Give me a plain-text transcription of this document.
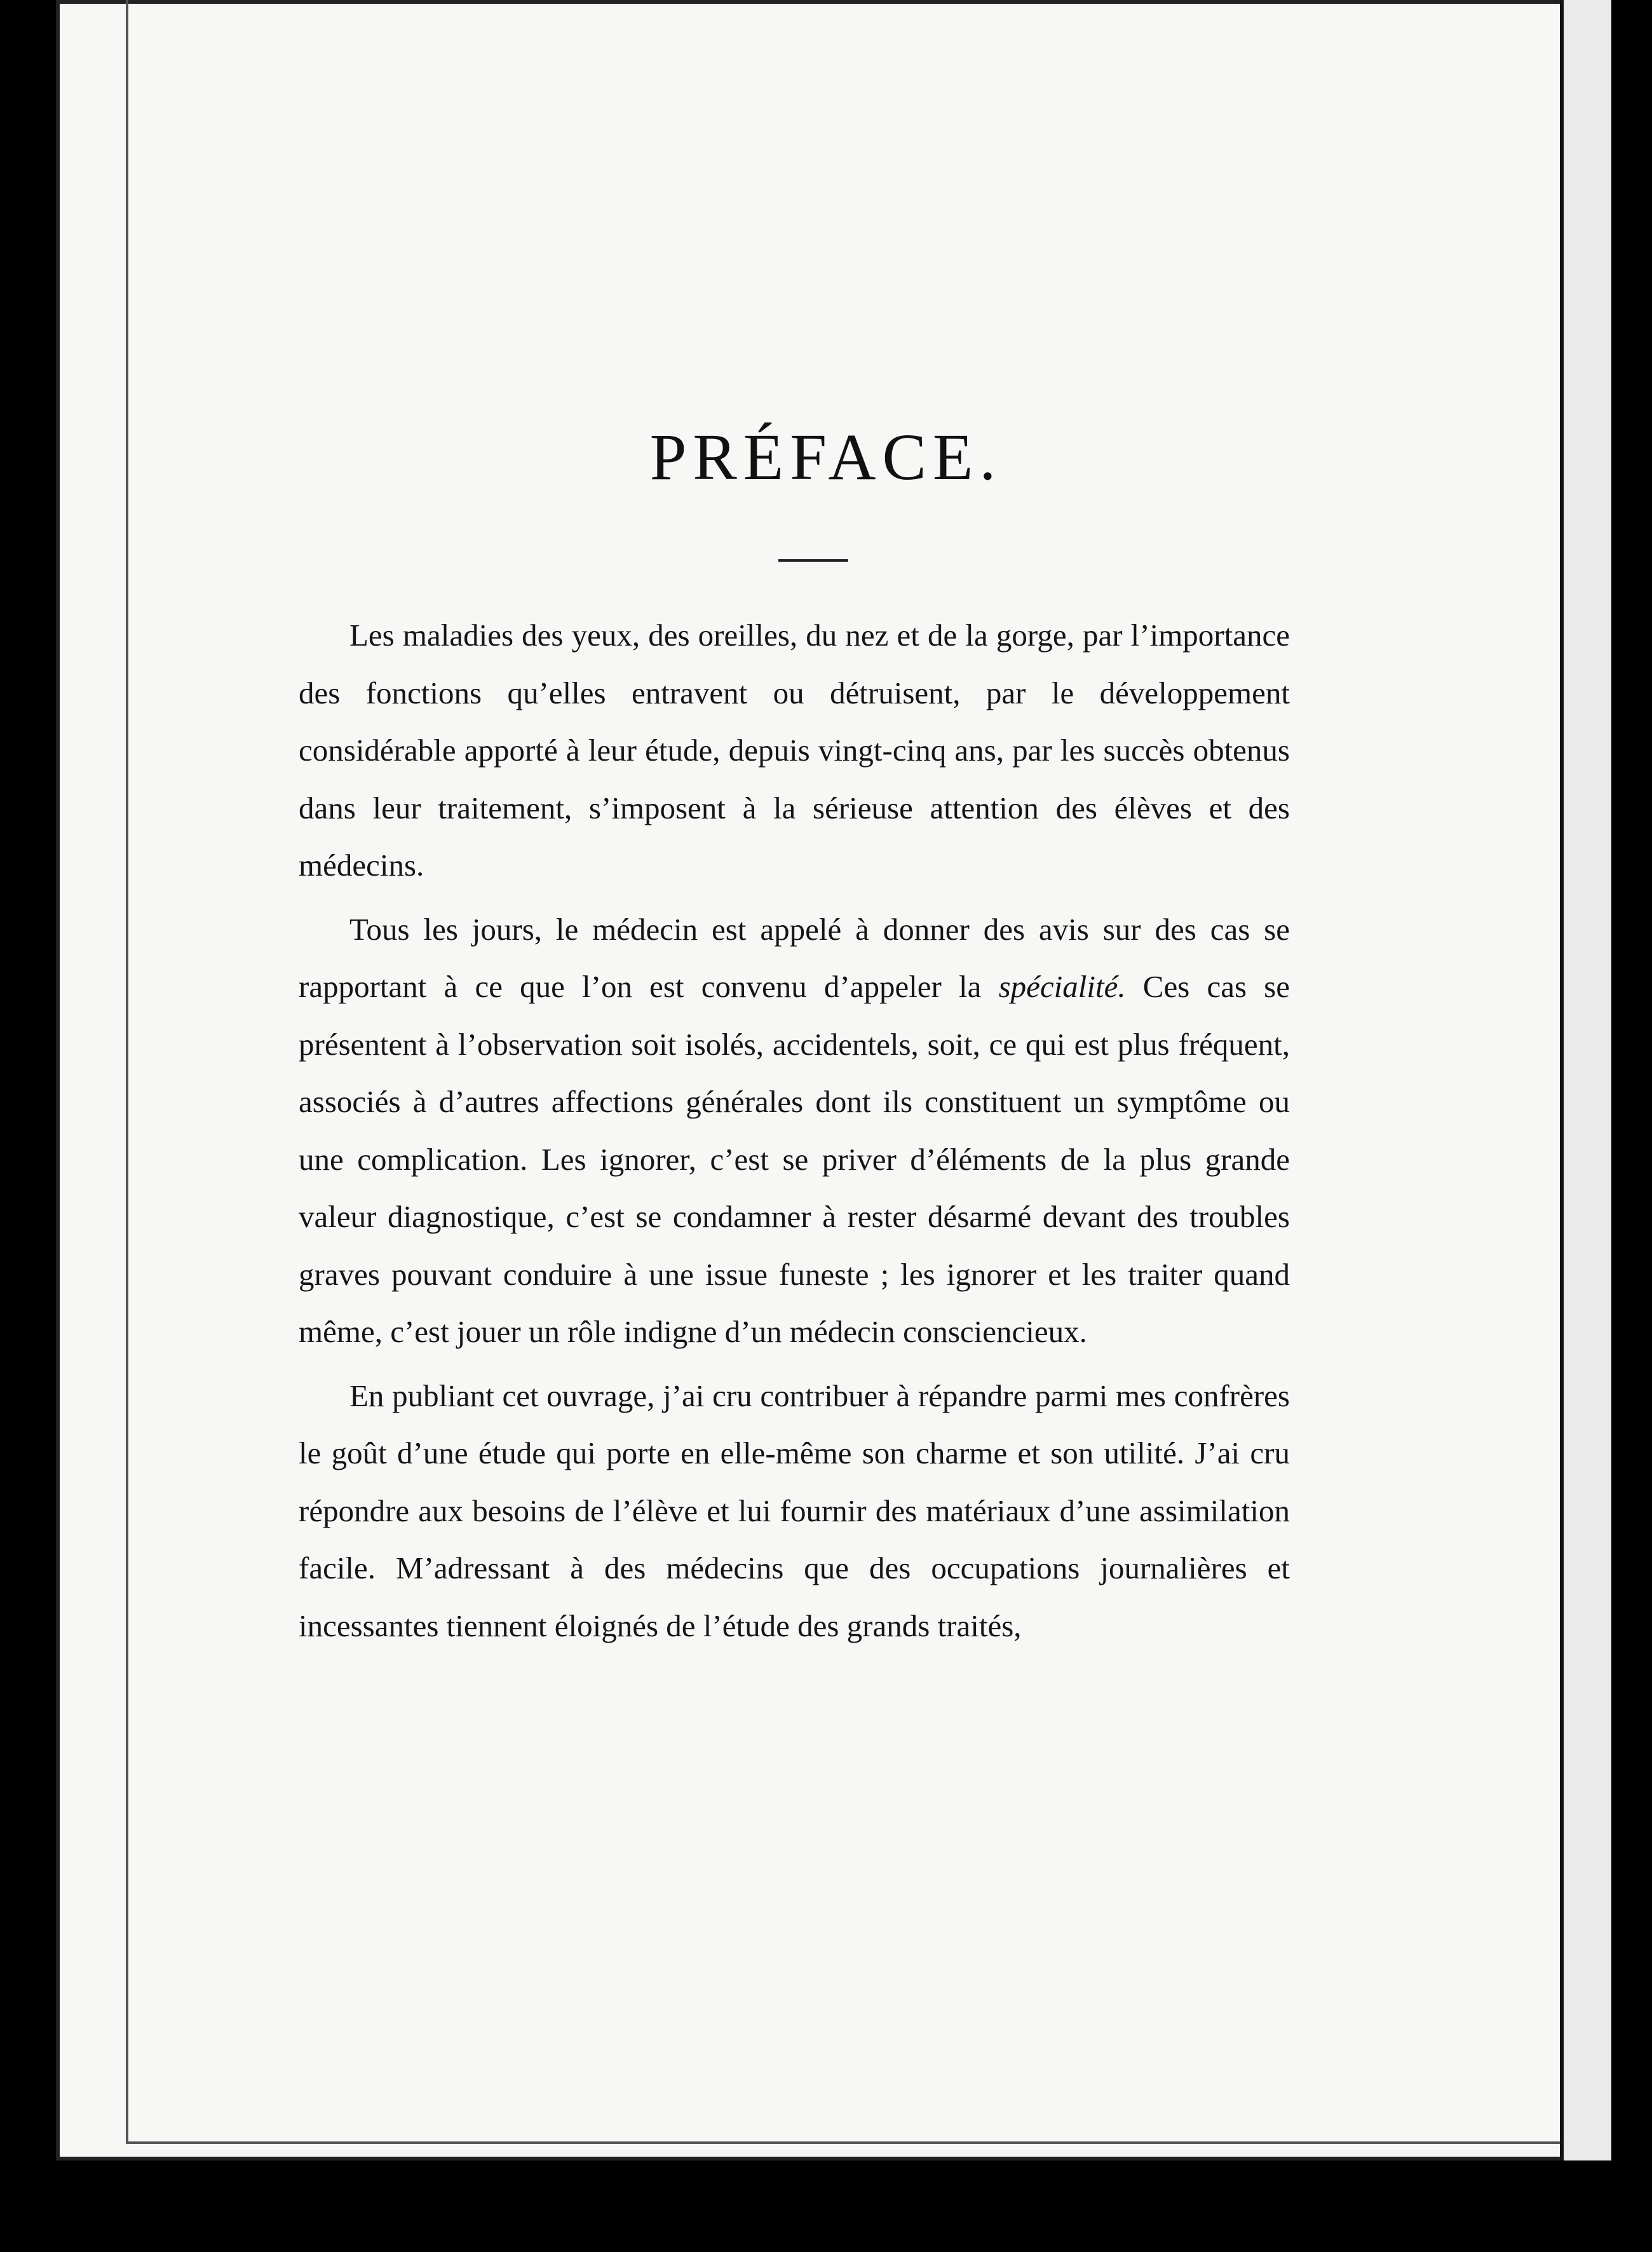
PRÉFACE.

Les maladies des yeux, des oreilles, du nez et de la gorge, par l’importance des fonctions qu’elles entravent ou détruisent, par le développement considérable apporté à leur étude, depuis vingt-cinq ans, par les succès obtenus dans leur traitement, s’imposent à la sérieuse attention des élèves et des médecins.

Tous les jours, le médecin est appelé à donner des avis sur des cas se rapportant à ce que l’on est convenu d’appeler la spécialité. Ces cas se présentent à l’observation soit isolés, accidentels, soit, ce qui est plus fréquent, associés à d’autres affections générales dont ils constituent un symptôme ou une complication. Les ignorer, c’est se priver d’éléments de la plus grande valeur diagnostique, c’est se condamner à rester désarmé devant des troubles graves pouvant conduire à une issue funeste ; les ignorer et les traiter quand même, c’est jouer un rôle indigne d’un médecin consciencieux.

En publiant cet ouvrage, j’ai cru contribuer à répandre parmi mes confrères le goût d’une étude qui porte en elle-même son charme et son utilité. J’ai cru répondre aux besoins de l’élève et lui fournir des matériaux d’une assimilation facile. M’adressant à des médecins que des occupations journalières et incessantes tiennent éloignés de l’étude des grands traités,
